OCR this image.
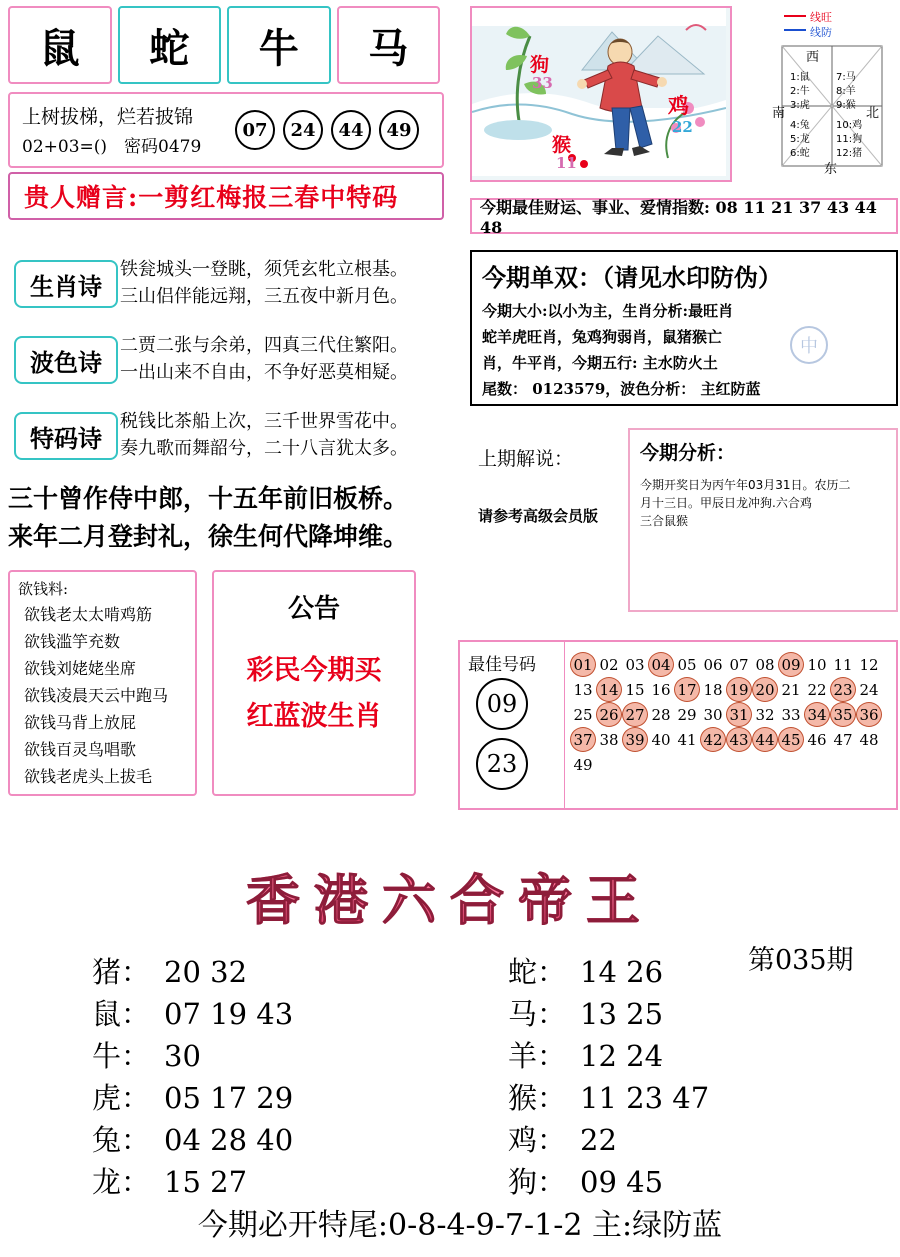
鼠	蛇	牛	马
上树拔梯，烂若披锦
02+03=()　密码0479
07	24	44	49
贵人赠言:一剪红梅报三春中特码
生肖诗
铁瓮城头一登眺，须凭玄牝立根基。
三山侣伴能远翔，三五夜中新月色。
波色诗
二贾二张与余弟，四真三代住繁阳。
一出山来不自由，不争好恶莫相疑。
特码诗
税钱比茶船上次，三千世界雪花中。
奏九歌而舞韶兮，二十八言犹太多。
三十曾作侍中郎，十五年前旧板桥。
来年二月登封礼，徐生何代降坤维。
欲钱料:
欲钱老太太啃鸡筋
欲钱滥竽充数
欲钱刘姥姥坐席
欲钱凌晨天云中跑马
欲钱马背上放屁
欲钱百灵鸟唱歌
欲钱老虎头上拔毛
公告
彩民今期买
红蓝波生肖
狗
33
鸡
22
猴
11
线旺
线防
西
北
南
东
1:鼠
2:牛
3:虎
4:兔
5:龙
6:蛇
7:马
8:羊
9:猴
10:鸡
11:狗
12:猪
今期最佳财运、事业、爱情指数: 08 11 21 37 43 44 48
今期单双：（请见水印防伪）
今期大小:以小为主，生肖分析:最旺肖
蛇羊虎旺肖，兔鸡狗弱肖，鼠猪猴亡
肖，牛平肖，今期五行: 主水防火土
尾数： 0123579，波色分析： 主红防蓝
中
上期解说：
请参考高级会员版
今期分析：
今期开奖日为丙午年03月31日。农历二
月十三日。甲辰日龙冲狗.六合鸡
三合鼠猴
最佳号码
09
23
01 02 03 04 05 06 07 08 09 10 11 12
13 14 15 16 17 18 19 20 21 22 23 24
25 26 27 28 29 30 31 32 33 34 35 36
37 38 39 40 41 42 43 44 45 46 47 48
49
香港六合帝王
第035期
猪： 20 32
鼠： 07 19 43
牛： 30
虎： 05 17 29
兔： 04 28 40
龙： 15 27
蛇： 14 26
马： 13 25
羊： 12 24
猴： 11 23 47
鸡： 22
狗： 09 45
今期必开特尾:0-8-4-9-7-1-2 主:绿防蓝
